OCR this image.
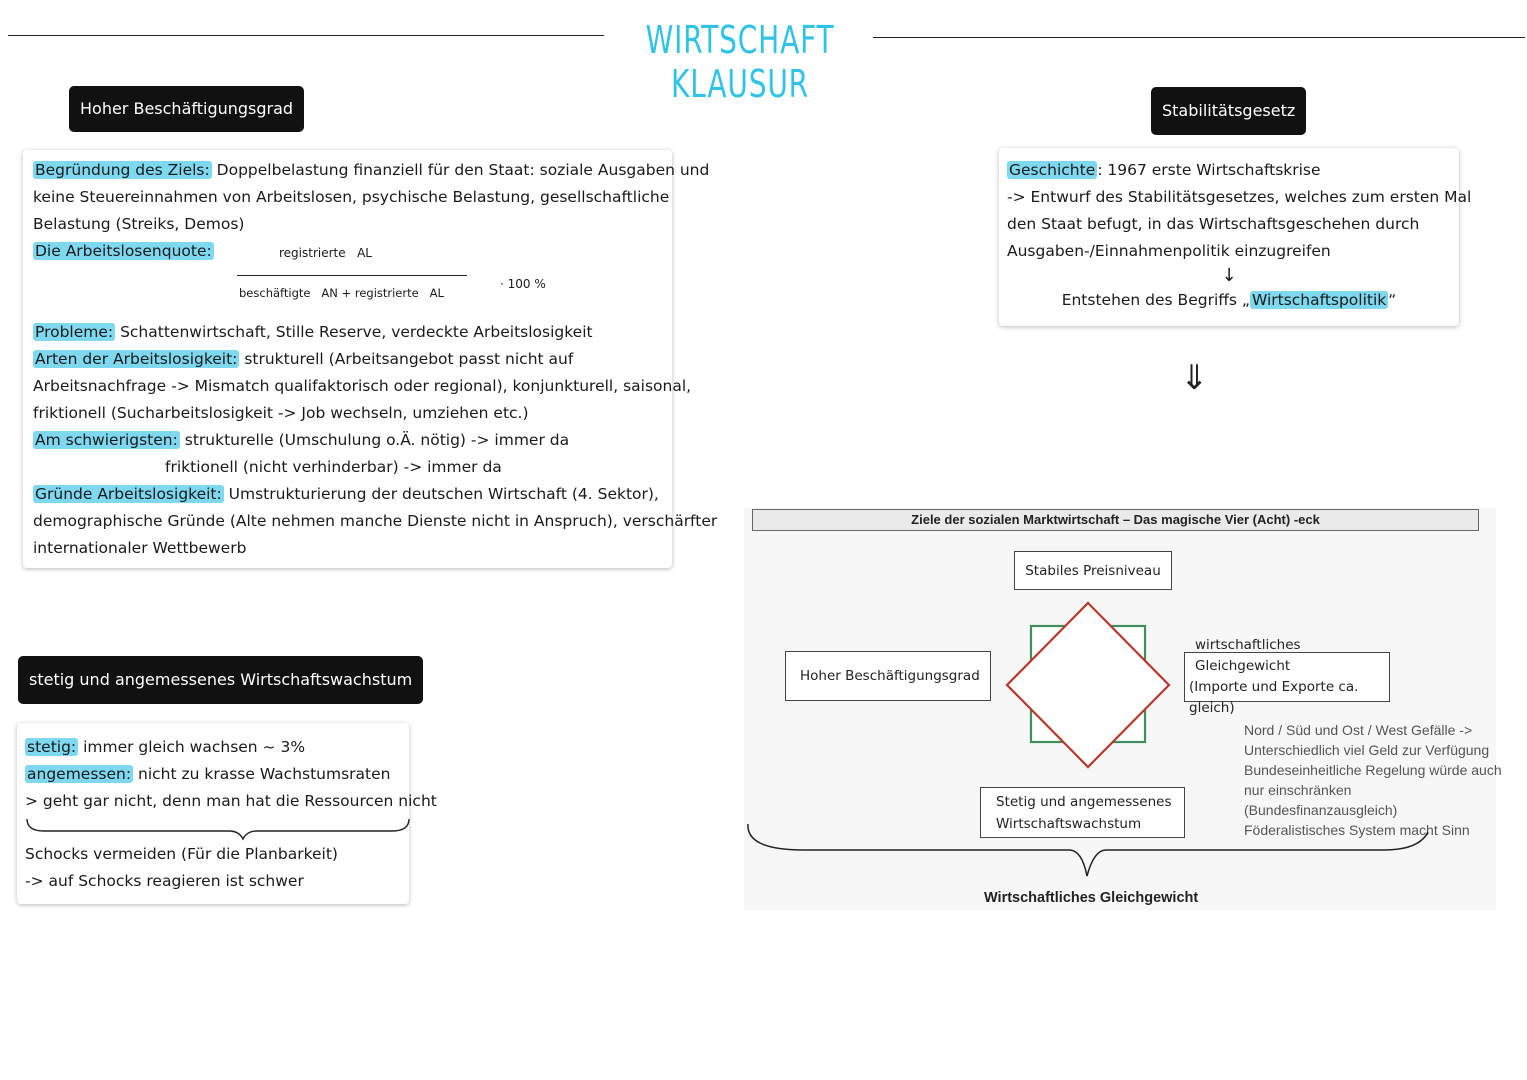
WIRTSCHAFT KLAUSUR
Hoher Beschäftigungsgrad

Begründung des Ziels: Doppelbelastung finanziell für den Staat: soziale Ausgaben und

keine Steuereinnahmen von Arbeitslosen, psychische Belastung, gesellschaftliche

Belastung (Streiks, Demos)

Die Arbeitslosenquote:

Probleme: Schattenwirtschaft, Stille Reserve, verdeckte Arbeitslosigkeit

Arten der Arbeitslosigkeit: strukturell (Arbeitsangebot passt nicht auf

Arbeitsnachfrage -> Mismatch qualifaktorisch oder regional), konjunkturell, saisonal,

friktionell (Sucharbeitslosigkeit -> Job wechseln, umziehen etc.)

Am schwierigsten: strukturelle (Umschulung o.Ä. nötig) -> immer da

friktionell (nicht verhinderbar) -> immer da

Gründe Arbeitslosigkeit: Umstrukturierung der deutschen Wirtschaft (4. Sektor),

demographische Gründe (Alte nehmen manche Dienste nicht in Anspruch), verschärfter

internationaler Wettbewerb

registrierte   AL
beschäftigte   AN + registrierte   AL
· 100 %
stetig und angemessenes Wirtschaftswachstum

stetig: immer gleich wachsen ~ 3%

angemessen: nicht zu krasse Wachstumsraten

> geht gar nicht, denn man hat die Ressourcen nicht

Schocks vermeiden (Für die Planbarkeit)

-> auf Schocks reagieren ist schwer

Stabilitätsgesetz

Geschichte : 1967 erste Wirtschaftskrise

-> Entwurf des Stabilitätsgesetzes, welches zum ersten Mal

den Staat befugt, in das Wirtschaftsgeschehen durch

Ausgaben-/Einnahmenpolitik einzugreifen

↓

Entstehen des Begriffs „ Wirtschaftspolitik “

⇓
Ziele der sozialen Marktwirtschaft – Das magische Vier (Acht) -eck
Stabiles Preisniveau
Hoher Beschäftigungsgrad
wirtschaftliches Gleichgewicht
(Importe und Exporte ca. gleich)
Stetig und angemessenes
Wirtschaftswachstum
Nord / Süd und Ost / West Gefälle ->
Unterschiedlich viel Geld zur Verfügung
Bundeseinheitliche Regelung würde auch
nur einschränken
(Bundesfinanzausgleich)
Föderalistisches System macht Sinn
Wirtschaftliches Gleichgewicht
